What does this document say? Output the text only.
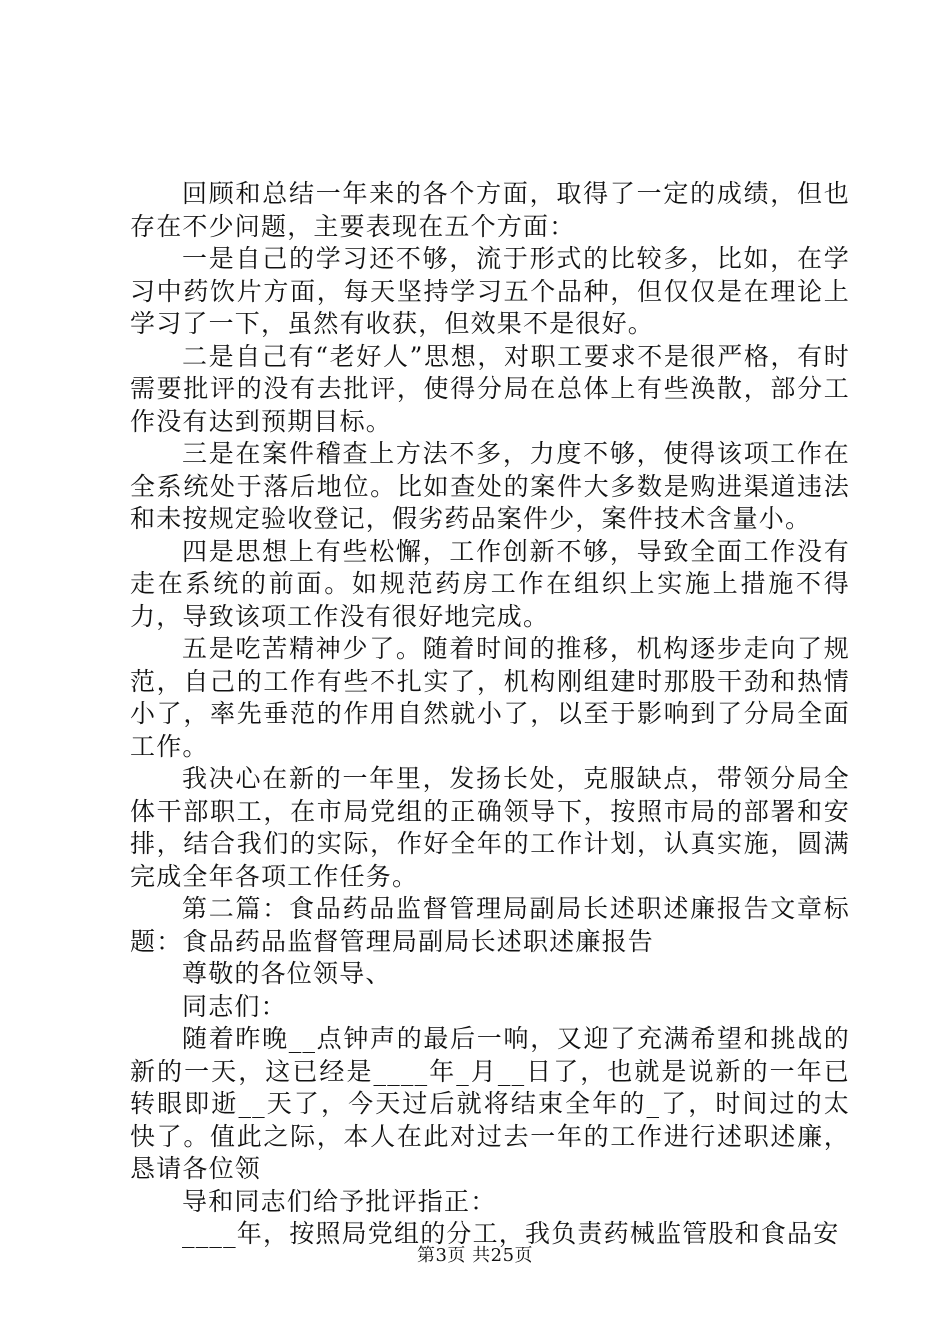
回顾和总结一年来的各个方面，取得了一定的成绩，但也存在不少问题，主要表现在五个方面：

一是自己的学习还不够，流于形式的比较多，比如，在学习中药饮片方面，每天坚持学习五个品种，但仅仅是在理论上学习了一下，虽然有收获，但效果不是很好。

二是自己有“老好人”思想，对职工要求不是很严格，有时需要批评的没有去批评，使得分局在总体上有些涣散，部分工作没有达到预期目标。

三是在案件稽查上方法不多，力度不够，使得该项工作在全系统处于落后地位。比如查处的案件大多数是购进渠道违法和未按规定验收登记，假劣药品案件少，案件技术含量小。

四是思想上有些松懈，工作创新不够，导致全面工作没有走在系统的前面。如规范药房工作在组织上实施上措施不得力，导致该项工作没有很好地完成。

五是吃苦精神少了。随着时间的推移，机构逐步走向了规范，自己的工作有些不扎实了，机构刚组建时那股干劲和热情小了，率先垂范的作用自然就小了，以至于影响到了分局全面工作。

我决心在新的一年里，发扬长处，克服缺点，带领分局全体干部职工，在市局党组的正确领导下，按照市局的部署和安排，结合我们的实际，作好全年的工作计划，认真实施，圆满完成全年各项工作任务。

第二篇：食品药品监督管理局副局长述职述廉报告文章标题：食品药品监督管理局副局长述职述廉报告

尊敬的各位领导、

同志们：

随着昨晚__点钟声的最后一响，又迎了充满希望和挑战的新的一天，这已经是____年_月__日了，也就是说新的一年已转眼即逝__天了，今天过后就将结束全年的_了，时间过的太快了。值此之际，本人在此对过去一年的工作进行述职述廉，恳请各位领

导和同志们给予批评指正：

____年，按照局党组的分工，我负责药械监管股和食品安

第3页 共25页
